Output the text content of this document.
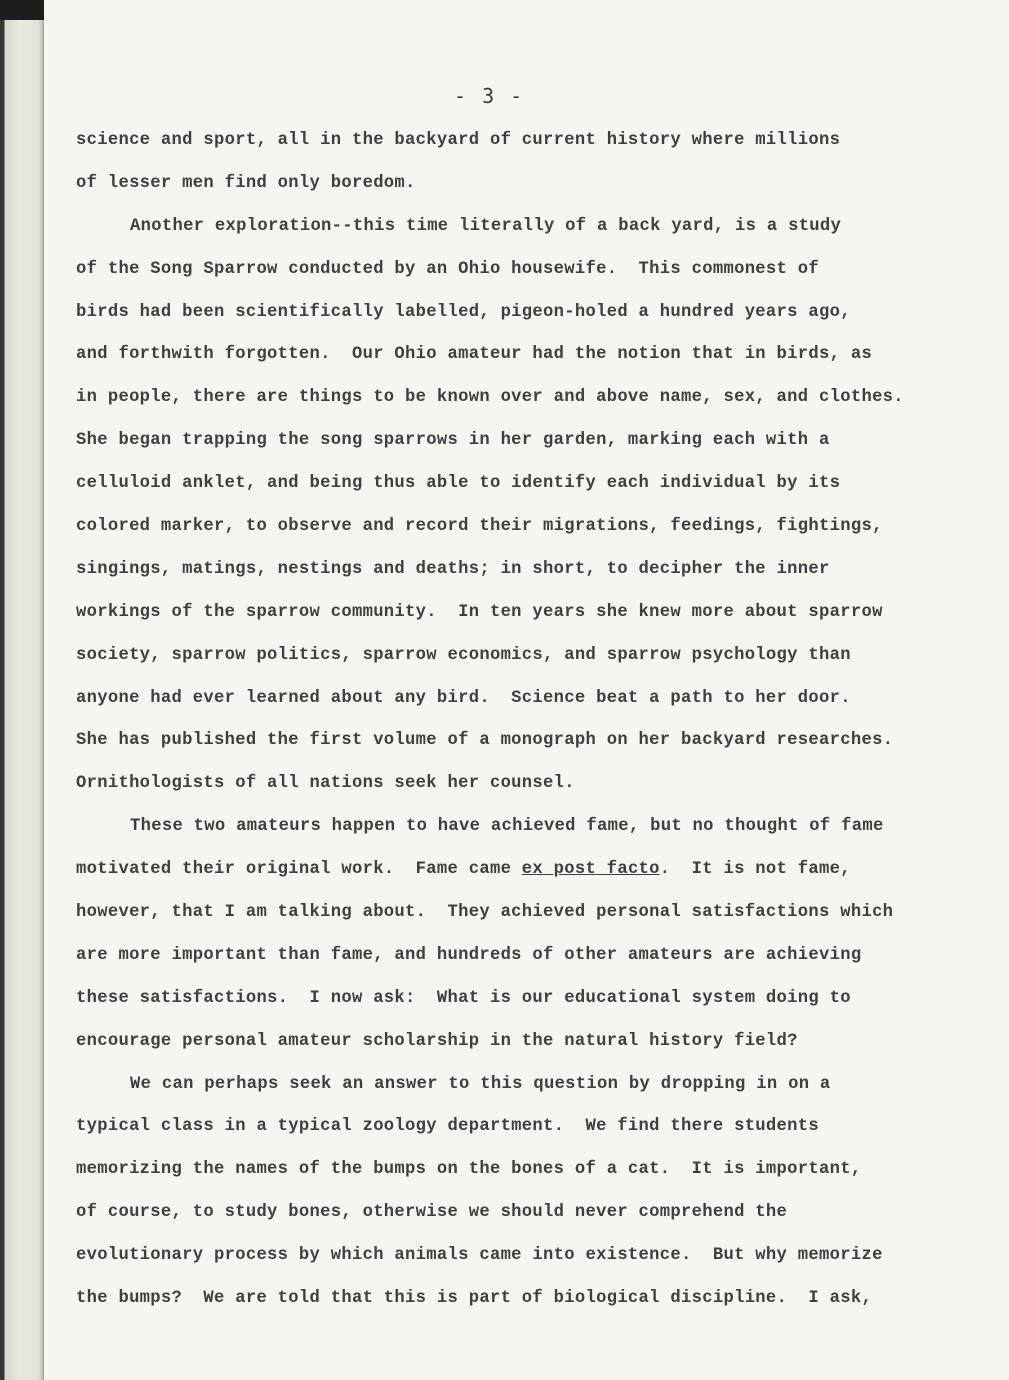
- 3 -
science and sport, all in the backyard of current history where millions
of lesser men find only boredom.
Another exploration--this time literally of a back yard, is a study
of the Song Sparrow conducted by an Ohio housewife.  This commonest of
birds had been scientifically labelled, pigeon-holed a hundred years ago,
and forthwith forgotten.  Our Ohio amateur had the notion that in birds, as
in people, there are things to be known over and above name, sex, and clothes.
She began trapping the song sparrows in her garden, marking each with a
celluloid anklet, and being thus able to identify each individual by its
colored marker, to observe and record their migrations, feedings, fightings,
singings, matings, nestings and deaths; in short, to decipher the inner
workings of the sparrow community.  In ten years she knew more about sparrow
society, sparrow politics, sparrow economics, and sparrow psychology than
anyone had ever learned about any bird.  Science beat a path to her door.
She has published the first volume of a monograph on her backyard researches.
Ornithologists of all nations seek her counsel.
These two amateurs happen to have achieved fame, but no thought of fame
motivated their original work.  Fame came ex post facto.  It is not fame,
however, that I am talking about.  They achieved personal satisfactions which
are more important than fame, and hundreds of other amateurs are achieving
these satisfactions.  I now ask:  What is our educational system doing to
encourage personal amateur scholarship in the natural history field?
We can perhaps seek an answer to this question by dropping in on a
typical class in a typical zoology department.  We find there students
memorizing the names of the bumps on the bones of a cat.  It is important,
of course, to study bones, otherwise we should never comprehend the
evolutionary process by which animals came into existence.  But why memorize
the bumps?  We are told that this is part of biological discipline.  I ask,
